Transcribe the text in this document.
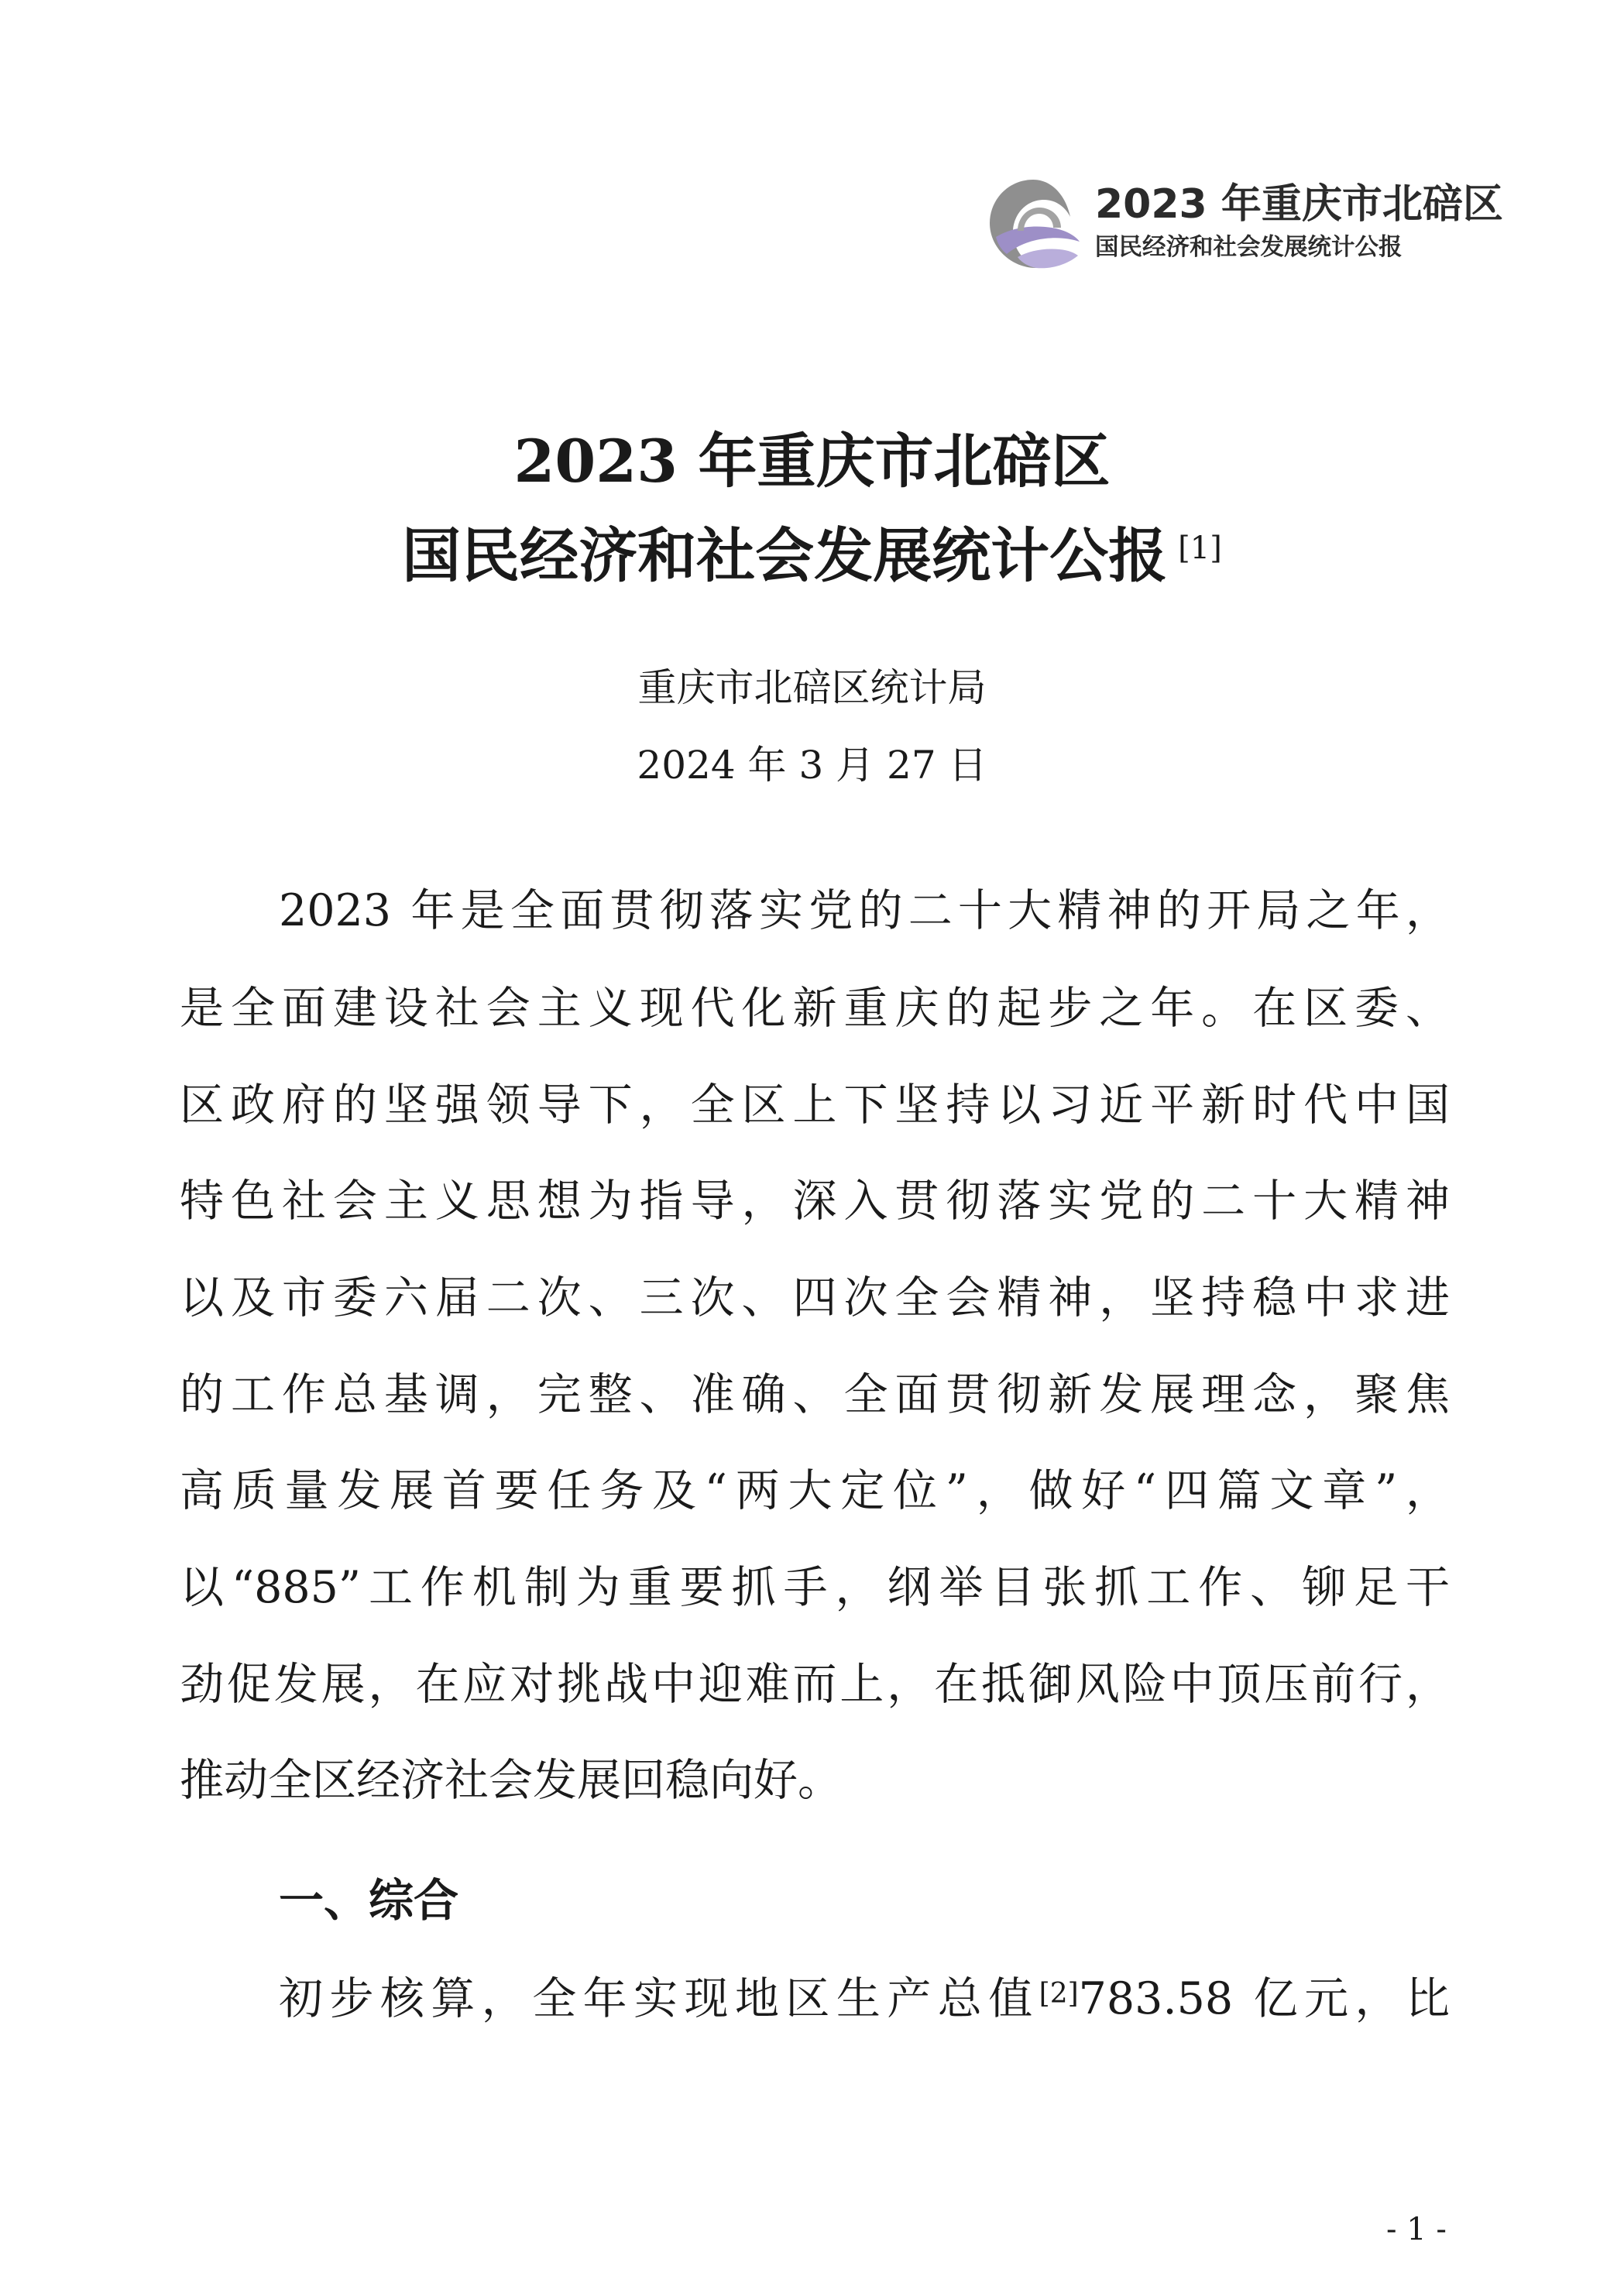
2023 年重庆市北碚区
国民经济和社会发展统计公报
2023 年重庆市北碚区
国民经济和社会发展统计公报 [1]
重庆市北碚区统计局
2024 年 3 月 27 日
2023 年是全面贯彻落实党的二十大精神的开局之年，
是全面建设社会主义现代化新重庆的起步之年。在区委、
区政府的坚强领导下，全区上下坚持以习近平新时代中国
特色社会主义思想为指导，深入贯彻落实党的二十大精神
以及市委六届二次、三次、四次全会精神，坚持稳中求进
的工作总基调，完整、准确、全面贯彻新发展理念，聚焦
高质量发展首要任务及“两大定位”，做好“四篇文章”，
以“885”工作机制为重要抓手，纲举目张抓工作、铆足干
劲促发展，在应对挑战中迎难而上，在抵御风险中顶压前行，
推动全区经济社会发展回稳向好。
一、综合
初步核算，全年实现地区生产总值[2]783.58 亿元，比
- 1 -
